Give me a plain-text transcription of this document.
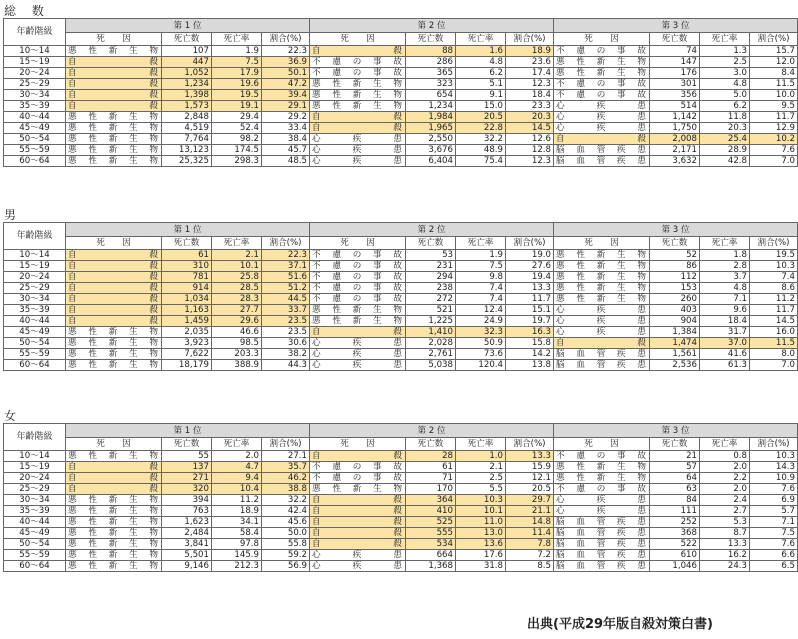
総 数
年齢階級	第 1 位				第 2 位				第 3 位			
	死　　因	死亡数	死亡率	割合(%)	死　　因	死亡数	死亡率	割合(%)	死　　因	死亡数	死亡率	割合(%)
10～14	悪性新生物	107	1.9	22.3	自殺	88	1.6	18.9	不慮の事故	74	1.3	15.7
15～19	自殺	447	7.5	36.9	不慮の事故	286	4.8	23.6	悪性新生物	147	2.5	12.0
20～24	自殺	1,052	17.9	50.1	不慮の事故	365	6.2	17.4	悪性新生物	176	3.0	8.4
25～29	自殺	1,234	19.6	47.2	悪性新生物	323	5.1	12.3	不慮の事故	301	4.8	11.5
30～34	自殺	1,398	19.5	39.4	悪性新生物	654	9.1	18.4	不慮の事故	356	5.0	10.0
35～39	自殺	1,573	19.1	29.1	悪性新生物	1,234	15.0	23.3	心疾患	514	6.2	9.5
40～44	悪性新生物	2,848	29.4	29.2	自殺	1,984	20.5	20.3	心疾患	1,142	11.8	11.7
45～49	悪性新生物	4,519	52.4	33.4	自殺	1,965	22.8	14.5	心疾患	1,750	20.3	12.9
50～54	悪性新生物	7,764	98.2	38.4	心疾患	2,550	32.2	12.6	自殺	2,008	25.4	10.2
55～59	悪性新生物	13,123	174.5	45.7	心疾患	3,676	48.9	12.8	脳血管疾患	2,171	28.9	7.6
60～64	悪性新生物	25,325	298.3	48.5	心疾患	6,404	75.4	12.3	脳血管疾患	3,632	42.8	7.0
男
年齢階級	第 1 位				第 2 位				第 3 位			
	死　　因	死亡数	死亡率	割合(%)	死　　因	死亡数	死亡率	割合(%)	死　　因	死亡数	死亡率	割合(%)
10～14	自殺	61	2.1	22.3	不慮の事故	53	1.9	19.0	悪性新生物	52	1.8	19.5
15～19	自殺	310	10.1	37.1	不慮の事故	231	7.5	27.6	悪性新生物	86	2.8	10.3
20～24	自殺	781	25.8	51.6	不慮の事故	294	9.8	19.4	悪性新生物	112	3.7	7.4
25～29	自殺	914	28.5	51.2	不慮の事故	238	7.4	13.3	悪性新生物	153	4.8	8.6
30～34	自殺	1,034	28.3	44.5	不慮の事故	272	7.4	11.7	悪性新生物	260	7.1	11.2
35～39	自殺	1,163	27.7	33.7	悪性新生物	521	12.4	15.1	心疾患	403	9.6	11.7
40～44	自殺	1,459	29.6	23.5	悪性新生物	1,225	24.9	19.7	心疾患	904	18.4	14.5
45～49	悪性新生物	2,035	46.6	23.5	自殺	1,410	32.3	16.3	心疾患	1,384	31.7	16.0
50～54	悪性新生物	3,923	98.5	30.6	心疾患	2,028	50.9	15.8	自殺	1,474	37.0	11.5
55～59	悪性新生物	7,622	203.3	38.2	心疾患	2,761	73.6	14.2	脳血管疾患	1,561	41.6	8.0
60～64	悪性新生物	18,179	388.9	44.3	心疾患	5,038	120.4	13.8	脳血管疾患	2,536	61.3	7.0
女
年齢階級	第 1 位				第 2 位				第 3 位			
	死　　因	死亡数	死亡率	割合(%)	死　　因	死亡数	死亡率	割合(%)	死　　因	死亡数	死亡率	割合(%)
10～14	悪性新生物	55	2.0	27.1	自殺	28	1.0	13.3	不慮の事故	21	0.8	10.3
15～19	自殺	137	4.7	35.7	不慮の事故	61	2.1	15.9	悪性新生物	57	2.0	14.3
20～24	自殺	271	9.4	46.2	不慮の事故	71	2.5	12.1	悪性新生物	64	2.2	10.9
25～29	自殺	320	10.4	38.8	悪性新生物	170	5.5	20.5	不慮の事故	63	2.0	7.6
30～34	悪性新生物	394	11.2	32.2	自殺	364	10.3	29.7	心疾患	84	2.4	6.9
35～39	悪性新生物	763	18.9	42.4	自殺	410	10.1	21.1	心疾患	111	2.7	5.7
40～44	悪性新生物	1,623	34.1	45.6	自殺	525	11.0	14.8	脳血管疾患	252	5.3	7.1
45～49	悪性新生物	2,484	58.4	50.0	自殺	555	13.0	11.4	脳血管疾患	368	8.7	7.5
50～54	悪性新生物	3,841	97.8	55.8	自殺	534	13.6	7.8	脳血管疾患	522	13.3	7.6
55～59	悪性新生物	5,501	145.9	59.2	心疾患	664	17.6	7.2	脳血管疾患	610	16.2	6.6
60～64	悪性新生物	9,146	212.3	56.9	心疾患	1,368	31.8	8.5	脳血管疾患	1,046	24.3	6.5
出典(平成29年版自殺対策白書)
